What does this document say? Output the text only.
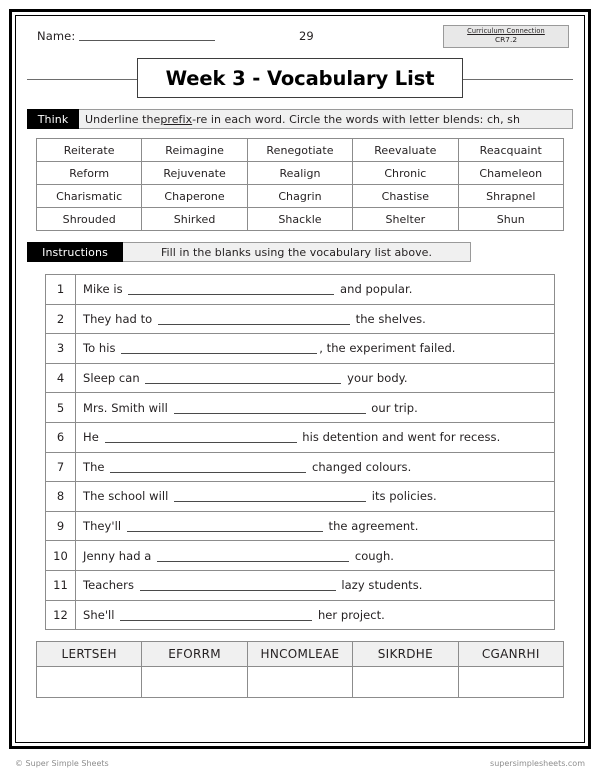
Name:	29	Curriculum Connection
CR7.2
Week 3 - Vocabulary List
Think	Underline the prefix -re in each word. Circle the words with letter blends: ch, sh
Reiterate	Reimagine	Renegotiate	Reevaluate	Reacquaint
Reform	Rejuvenate	Realign	Chronic	Chameleon
Charismatic	Chaperone	Chagrin	Chastise	Shrapnel
Shrouded	Shirked	Shackle	Shelter	Shun
Instructions	Fill in the blanks using the vocabulary list above.
1	Mike is and popular.
2	They had to the shelves.
3	To his , the experiment failed.
4	Sleep can your body.
5	Mrs. Smith will our trip.
6	He his detention and went for recess.
7	The changed colours.
8	The school will its policies.
9	They'll the agreement.
10	Jenny had a cough.
11	Teachers lazy students.
12	She'll her project.
LERTSEH	EFORRM	HNCOMLEAE	SIKRDHE	CGANRHI

© Super Simple Sheets	supersimplesheets.com
